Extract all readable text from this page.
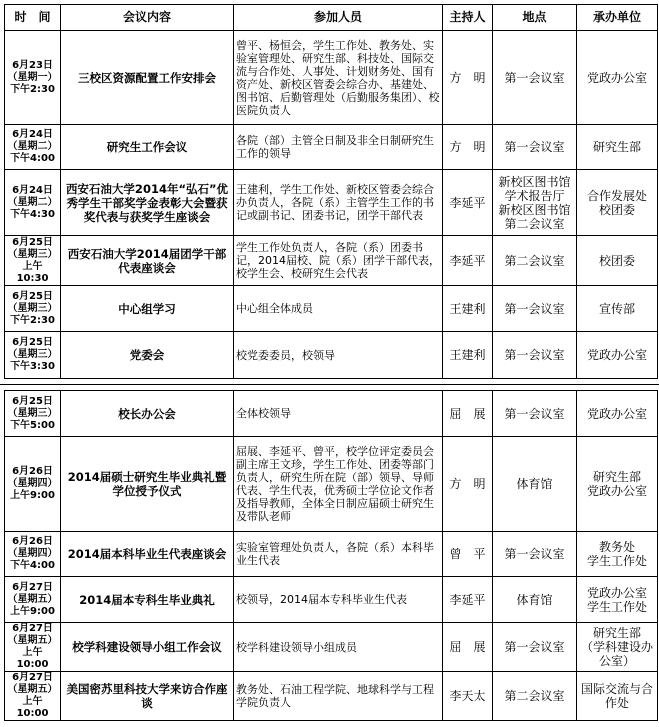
时　间	会议内容	参加人员	主持人	地点	承办单位

6月23日
（星期一）
下午2:30	三校区资源配置工作安排会	曾平、杨恒会，学生工作处、教务处、实验室管理处、研究生部、科技处、国际交流与合作处、人事处、计划财务处、国有资产处、新校区管委会综合办、基建处、图书馆、后勤管理处（后勤服务集团）、校医院负责人	方　明	第一会议室	党政办公室

6月24日
（星期二）
下午4:00	研究生工作会议	各院（部）主管全日制及非全日制研究生工作的领导	方　明	第一会议室	研究生部

6月24日
（星期二）
下午4:30	西安石油大学2014年“弘石”优秀学生干部奖学金表彰大会暨获奖代表与获奖学生座谈会	王建利，学生工作处、新校区管委会综合办负责人，各院（系）主管学生工作的书记或副书记、团委书记，团学干部代表	李延平	新校区图书馆学术报告厅
新校区图书馆第二会议室	合作发展处
校团委

6月25日
（星期三）
上午10:30	西安石油大学2014届团学干部代表座谈会	学生工作处负责人，各院（系）团委书记，2014届校、院（系）团学干部代表，校学生会、校研究生会代表	李延平	第二会议室	校团委

6月25日
（星期三）
下午2:30	中心组学习	中心组全体成员	王建利	第一会议室	宣传部

6月25日
（星期三）
下午3:30	党委会	校党委委员，校领导	王建利	第一会议室	党政办公室
6月25日
（星期三）
下午5:00	校长办公会	全体校领导	屈　展	第一会议室	党政办公室

6月26日
（星期四）
上午9:00	2014届硕士研究生毕业典礼暨学位授予仪式	屈展、李延平、曾平，校学位评定委员会副主席王文珍，学生工作处、团委等部门负责人，研究生所在院（部）领导、导师代表、学生代表，优秀硕士学位论文作者及指导教师，全体全日制应届硕士研究生及带队老师	方　明	体育馆	研究生部
党政办公室

6月26日
（星期四）
下午4:00	2014届本科毕业生代表座谈会	实验室管理处负责人，各院（系）本科毕业生代表	曾　平	第一会议室	教务处
学生工作处

6月27日
（星期五）
上午9:00	2014届本专科生毕业典礼	校领导，2014届本专科毕业生代表	李延平	体育馆	党政办公室
学生工作处

6月27日
（星期五）
上午10:00	校学科建设领导小组工作会议	校学科建设领导小组成员	屈　展	第一会议室	研究生部
（学科建设办公室）

6月27日
（星期五）
上午10:00	美国密苏里科技大学来访合作座谈	教务处、石油工程学院、地球科学与工程学院负责人	李天太	第二会议室	国际交流与合作处
